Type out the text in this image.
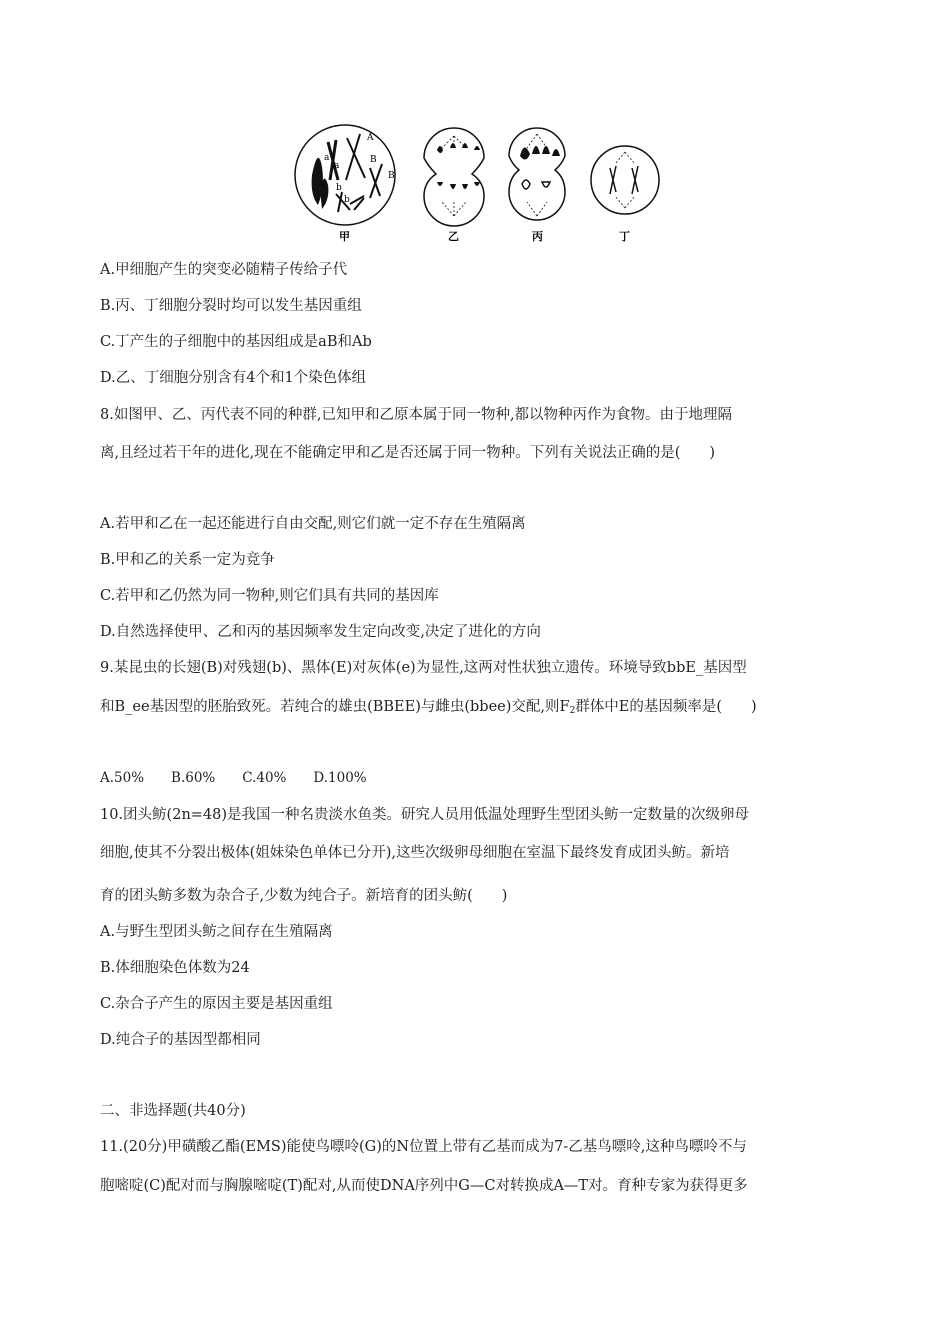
A
a
a
B
B
b
b
甲	乙	丙	丁
A.甲细胞产生的突变必随精子传给子代
B.丙、丁细胞分裂时均可以发生基因重组
C.丁产生的子细胞中的基因组成是aB和Ab
D.乙、丁细胞分别含有4个和1个染色体组
8.如图甲、乙、丙代表不同的种群,已知甲和乙原本属于同一物种,都以物种丙作为食物。由于地理隔
离,且经过若干年的进化,现在不能确定甲和乙是否还属于同一物种。下列有关说法正确的是(　　)
A.若甲和乙在一起还能进行自由交配,则它们就一定不存在生殖隔离
B.甲和乙的关系一定为竞争
C.若甲和乙仍然为同一物种,则它们具有共同的基因库
D.自然选择使甲、乙和丙的基因频率发生定向改变,决定了进化的方向
9.某昆虫的长翅(B)对残翅(b)、黑体(E)对灰体(e)为显性,这两对性状独立遗传。环境导致bbE_基因型
和B_ee基因型的胚胎致死。若纯合的雄虫(BBEE)与雌虫(bbee)交配,则$F_2$群体中E的基因频率是(　　)
A.50%　　B.60%　　C.40%　　D.100%
10.团头鲂(2n=48)是我国一种名贵淡水鱼类。研究人员用低温处理野生型团头鲂一定数量的次级卵母
细胞,使其不分裂出极体(姐妹染色单体已分开),这些次级卵母细胞在室温下最终发育成团头鲂。新培
育的团头鲂多数为杂合子,少数为纯合子。新培育的团头鲂(　　)
A.与野生型团头鲂之间存在生殖隔离
B.体细胞染色体数为24
C.杂合子产生的原因主要是基因重组
D.纯合子的基因型都相同
二、非选择题(共40分)
11.(20分)甲磺酸乙酯(EMS)能使鸟嘌呤(G)的N位置上带有乙基而成为7-乙基鸟嘌呤,这种鸟嘌呤不与
胞嘧啶(C)配对而与胸腺嘧啶(T)配对,从而使DNA序列中G—C对转换成A—T对。育种专家为获得更多
